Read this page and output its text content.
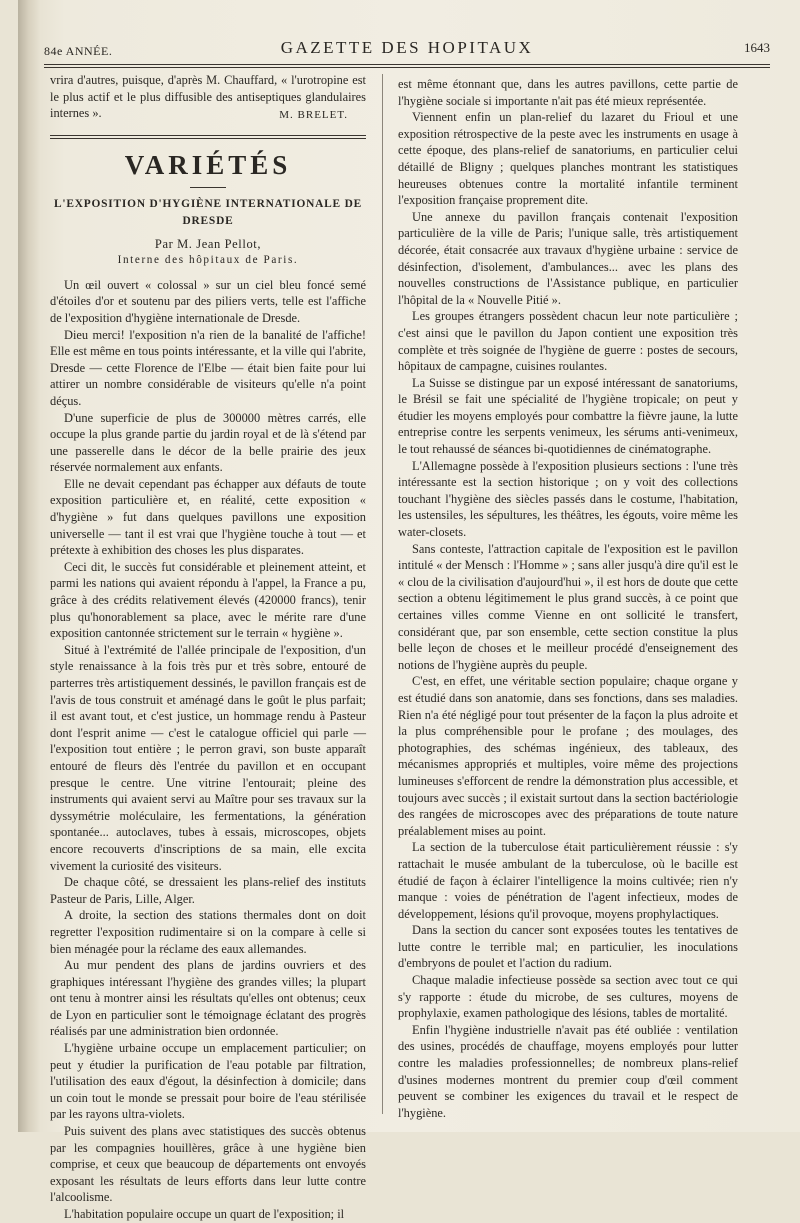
84e ANNÉE.	GAZETTE DES HOPITAUX	1643

vrira d'autres, puisque, d'après M. Chauffard, « l'urotropine est le plus actif et le plus diffusible des antiseptiques glandulaires internes ».	M. BRELET.
VARIÉTÉS
L'EXPOSITION D'HYGIÈNE INTERNATIONALE DE DRESDE
Par M. Jean Pellot,
Interne des hôpitaux de Paris.

Un œil ouvert « colossal » sur un ciel bleu foncé semé d'étoiles d'or et soutenu par des piliers verts, telle est l'affiche de l'exposition d'hygiène internationale de Dresde.

Dieu merci! l'exposition n'a rien de la banalité de l'affiche! Elle est même en tous points intéressante, et la ville qui l'abrite, Dresde — cette Florence de l'Elbe — était bien faite pour lui attirer un nombre considérable de visiteurs qu'elle n'a point déçus.

D'une superficie de plus de 300000 mètres carrés, elle occupe la plus grande partie du jardin royal et de là s'étend par une passerelle dans le décor de la belle prairie des jeux réservée normalement aux enfants.

Elle ne devait cependant pas échapper aux défauts de toute exposition particulière et, en réalité, cette exposition « d'hygiène » fut dans quelques pavillons une exposition universelle — tant il est vrai que l'hygiène touche à tout — et prétexte à exhibition des choses les plus disparates.

Ceci dit, le succès fut considérable et pleinement atteint, et parmi les nations qui avaient répondu à l'appel, la France a pu, grâce à des crédits relativement élevés (420000 francs), tenir plus qu'honorablement sa place, avec le mérite rare d'une exposition cantonnée strictement sur le terrain « hygiène ».

Situé à l'extrémité de l'allée principale de l'exposition, d'un style renaissance à la fois très pur et très sobre, entouré de parterres très artistiquement dessinés, le pavillon français est de l'avis de tous construit et aménagé dans le goût le plus parfait; il est avant tout, et c'est justice, un hommage rendu à Pasteur dont l'esprit anime — c'est le catalogue officiel qui parle — l'exposition tout entière ; le perron gravi, son buste apparaît entouré de fleurs dès l'entrée du pavillon et en occupant presque le centre. Une vitrine l'entourait; pleine des instruments qui avaient servi au Maître pour ses travaux sur la dyssymétrie moléculaire, les fermentations, la génération spontanée... autoclaves, tubes à essais, microscopes, objets encore recouverts d'inscriptions de sa main, elle excita vivement la curiosité des visiteurs.

De chaque côté, se dressaient les plans-relief des instituts Pasteur de Paris, Lille, Alger.

A droite, la section des stations thermales dont on doit regretter l'exposition rudimentaire si on la compare à celle si bien ménagée pour la réclame des eaux allemandes.

Au mur pendent des plans de jardins ouvriers et des graphiques intéressant l'hygiène des grandes villes; la plupart ont tenu à montrer ainsi les résultats qu'elles ont obtenus; ceux de Lyon en particulier sont le témoignage éclatant des progrès réalisés par une administration bien ordonnée.

L'hygiène urbaine occupe un emplacement particulier; on peut y étudier la purification de l'eau potable par filtration, l'utilisation des eaux d'égout, la désinfection à domicile; dans un coin tout le monde se pressait pour boire de l'eau stérilisée par les rayons ultra-violets.

Puis suivent des plans avec statistiques des succès obtenus par les compagnies houillères, grâce à une hygiène bien comprise, et ceux que beaucoup de départements ont envoyés exposant les résultats de leurs efforts dans leur lutte contre l'alcoolisme.

L'habitation populaire occupe un quart de l'exposition; il

est même étonnant que, dans les autres pavillons, cette partie de l'hygiène sociale si importante n'ait pas été mieux représentée.

Viennent enfin un plan-relief du lazaret du Frioul et une exposition rétrospective de la peste avec les instruments en usage à cette époque, des plans-relief de sanatoriums, en particulier celui détaillé de Bligny ; quelques planches montrant les statistiques heureuses obtenues contre la mortalité infantile terminent l'exposition française proprement dite.

Une annexe du pavillon français contenait l'exposition particulière de la ville de Paris; l'unique salle, très artistiquement décorée, était consacrée aux travaux d'hygiène urbaine : service de désinfection, d'isolement, d'ambulances... avec les plans des nouvelles constructions de l'Assistance publique, en particulier l'hôpital de la « Nouvelle Pitié ».

Les groupes étrangers possèdent chacun leur note particulière ; c'est ainsi que le pavillon du Japon contient une exposition très complète et très soignée de l'hygiène de guerre : postes de secours, hôpitaux de campagne, cuisines roulantes.

La Suisse se distingue par un exposé intéressant de sanatoriums, le Brésil se fait une spécialité de l'hygiène tropicale; on peut y étudier les moyens employés pour combattre la fièvre jaune, la lutte entreprise contre les serpents venimeux, les sérums anti-venimeux, le tout rehaussé de séances bi-quotidiennes de cinématographe.

L'Allemagne possède à l'exposition plusieurs sections : l'une très intéressante est la section historique ; on y voit des collections touchant l'hygiène des siècles passés dans le costume, l'habitation, les ustensiles, les sépultures, les théâtres, les égouts, voire même les water-closets.

Sans conteste, l'attraction capitale de l'exposition est le pavillon intitulé « der Mensch : l'Homme » ; sans aller jusqu'à dire qu'il est le « clou de la civilisation d'aujourd'hui », il est hors de doute que cette section a obtenu légitimement le plus grand succès, à ce point que certaines villes comme Vienne en ont sollicité le transfert, considérant que, par son ensemble, cette section constitue la plus belle leçon de choses et le meilleur procédé d'enseignement des notions de l'hygiène auprès du peuple.

C'est, en effet, une véritable section populaire; chaque organe y est étudié dans son anatomie, dans ses fonctions, dans ses maladies. Rien n'a été négligé pour tout présenter de la façon la plus adroite et la plus compréhensible pour le profane ; des moulages, des photographies, des schémas ingénieux, des tableaux, des mécanismes appropriés et multiples, voire même des projections lumineuses s'efforcent de rendre la démonstration plus accessible, et toujours avec succès ; il existait surtout dans la section bactériologie des rangées de microscopes avec des préparations de toute nature préalablement mises au point.

La section de la tuberculose était particulièrement réussie : s'y rattachait le musée ambulant de la tuberculose, où le bacille est étudié de façon à éclairer l'intelligence la moins cultivée; rien n'y manque : voies de pénétration de l'agent infectieux, modes de développement, lésions qu'il provoque, moyens prophylactiques.

Dans la section du cancer sont exposées toutes les tentatives de lutte contre le terrible mal; en particulier, les inoculations d'embryons de poulet et l'action du radium.

Chaque maladie infectieuse possède sa section avec tout ce qui s'y rapporte : étude du microbe, de ses cultures, moyens de prophylaxie, examen pathologique des lésions, tables de mortalité.

Enfin l'hygiène industrielle n'avait pas été oubliée : ventilation des usines, procédés de chauffage, moyens employés pour lutter contre les maladies professionnelles; de nombreux plans-relief d'usines modernes montrent du premier coup d'œil comment peuvent se combiner les exigences du travail et le respect de l'hygiène.
